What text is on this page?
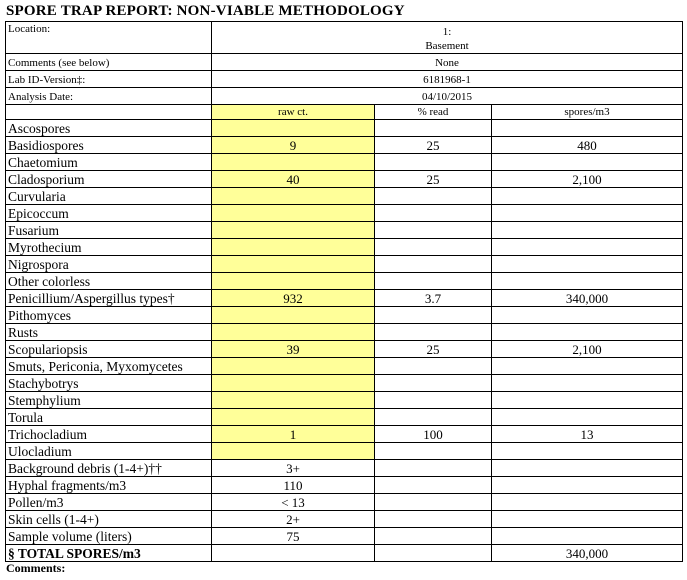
SPORE TRAP REPORT: NON-VIABLE METHODOLOGY
Location:	1:
Basement		

Comments (see below)	None		
Lab ID-Version‡:	6181968-1		
Analysis Date:	04/10/2015		
	raw ct.	% read	spores/m3
Ascospores			
Basidiospores	9	25	480
Chaetomium			
Cladosporium	40	25	2,100
Curvularia			
Epicoccum			
Fusarium			
Myrothecium			
Nigrospora			
Other colorless			
Penicillium/Aspergillus types†	932	3.7	340,000
Pithomyces			
Rusts			
Scopulariopsis	39	25	2,100
Smuts, Periconia, Myxomycetes			
Stachybotrys			
Stemphylium			
Torula			
Trichocladium	1	100	13
Ulocladium			
Background debris (1-4+)††	3+		
Hyphal fragments/m3	110		
Pollen/m3	< 13		
Skin cells (1-4+)	2+		
Sample volume (liters)	75		
§ TOTAL SPORES/m3			340,000
Comments:
